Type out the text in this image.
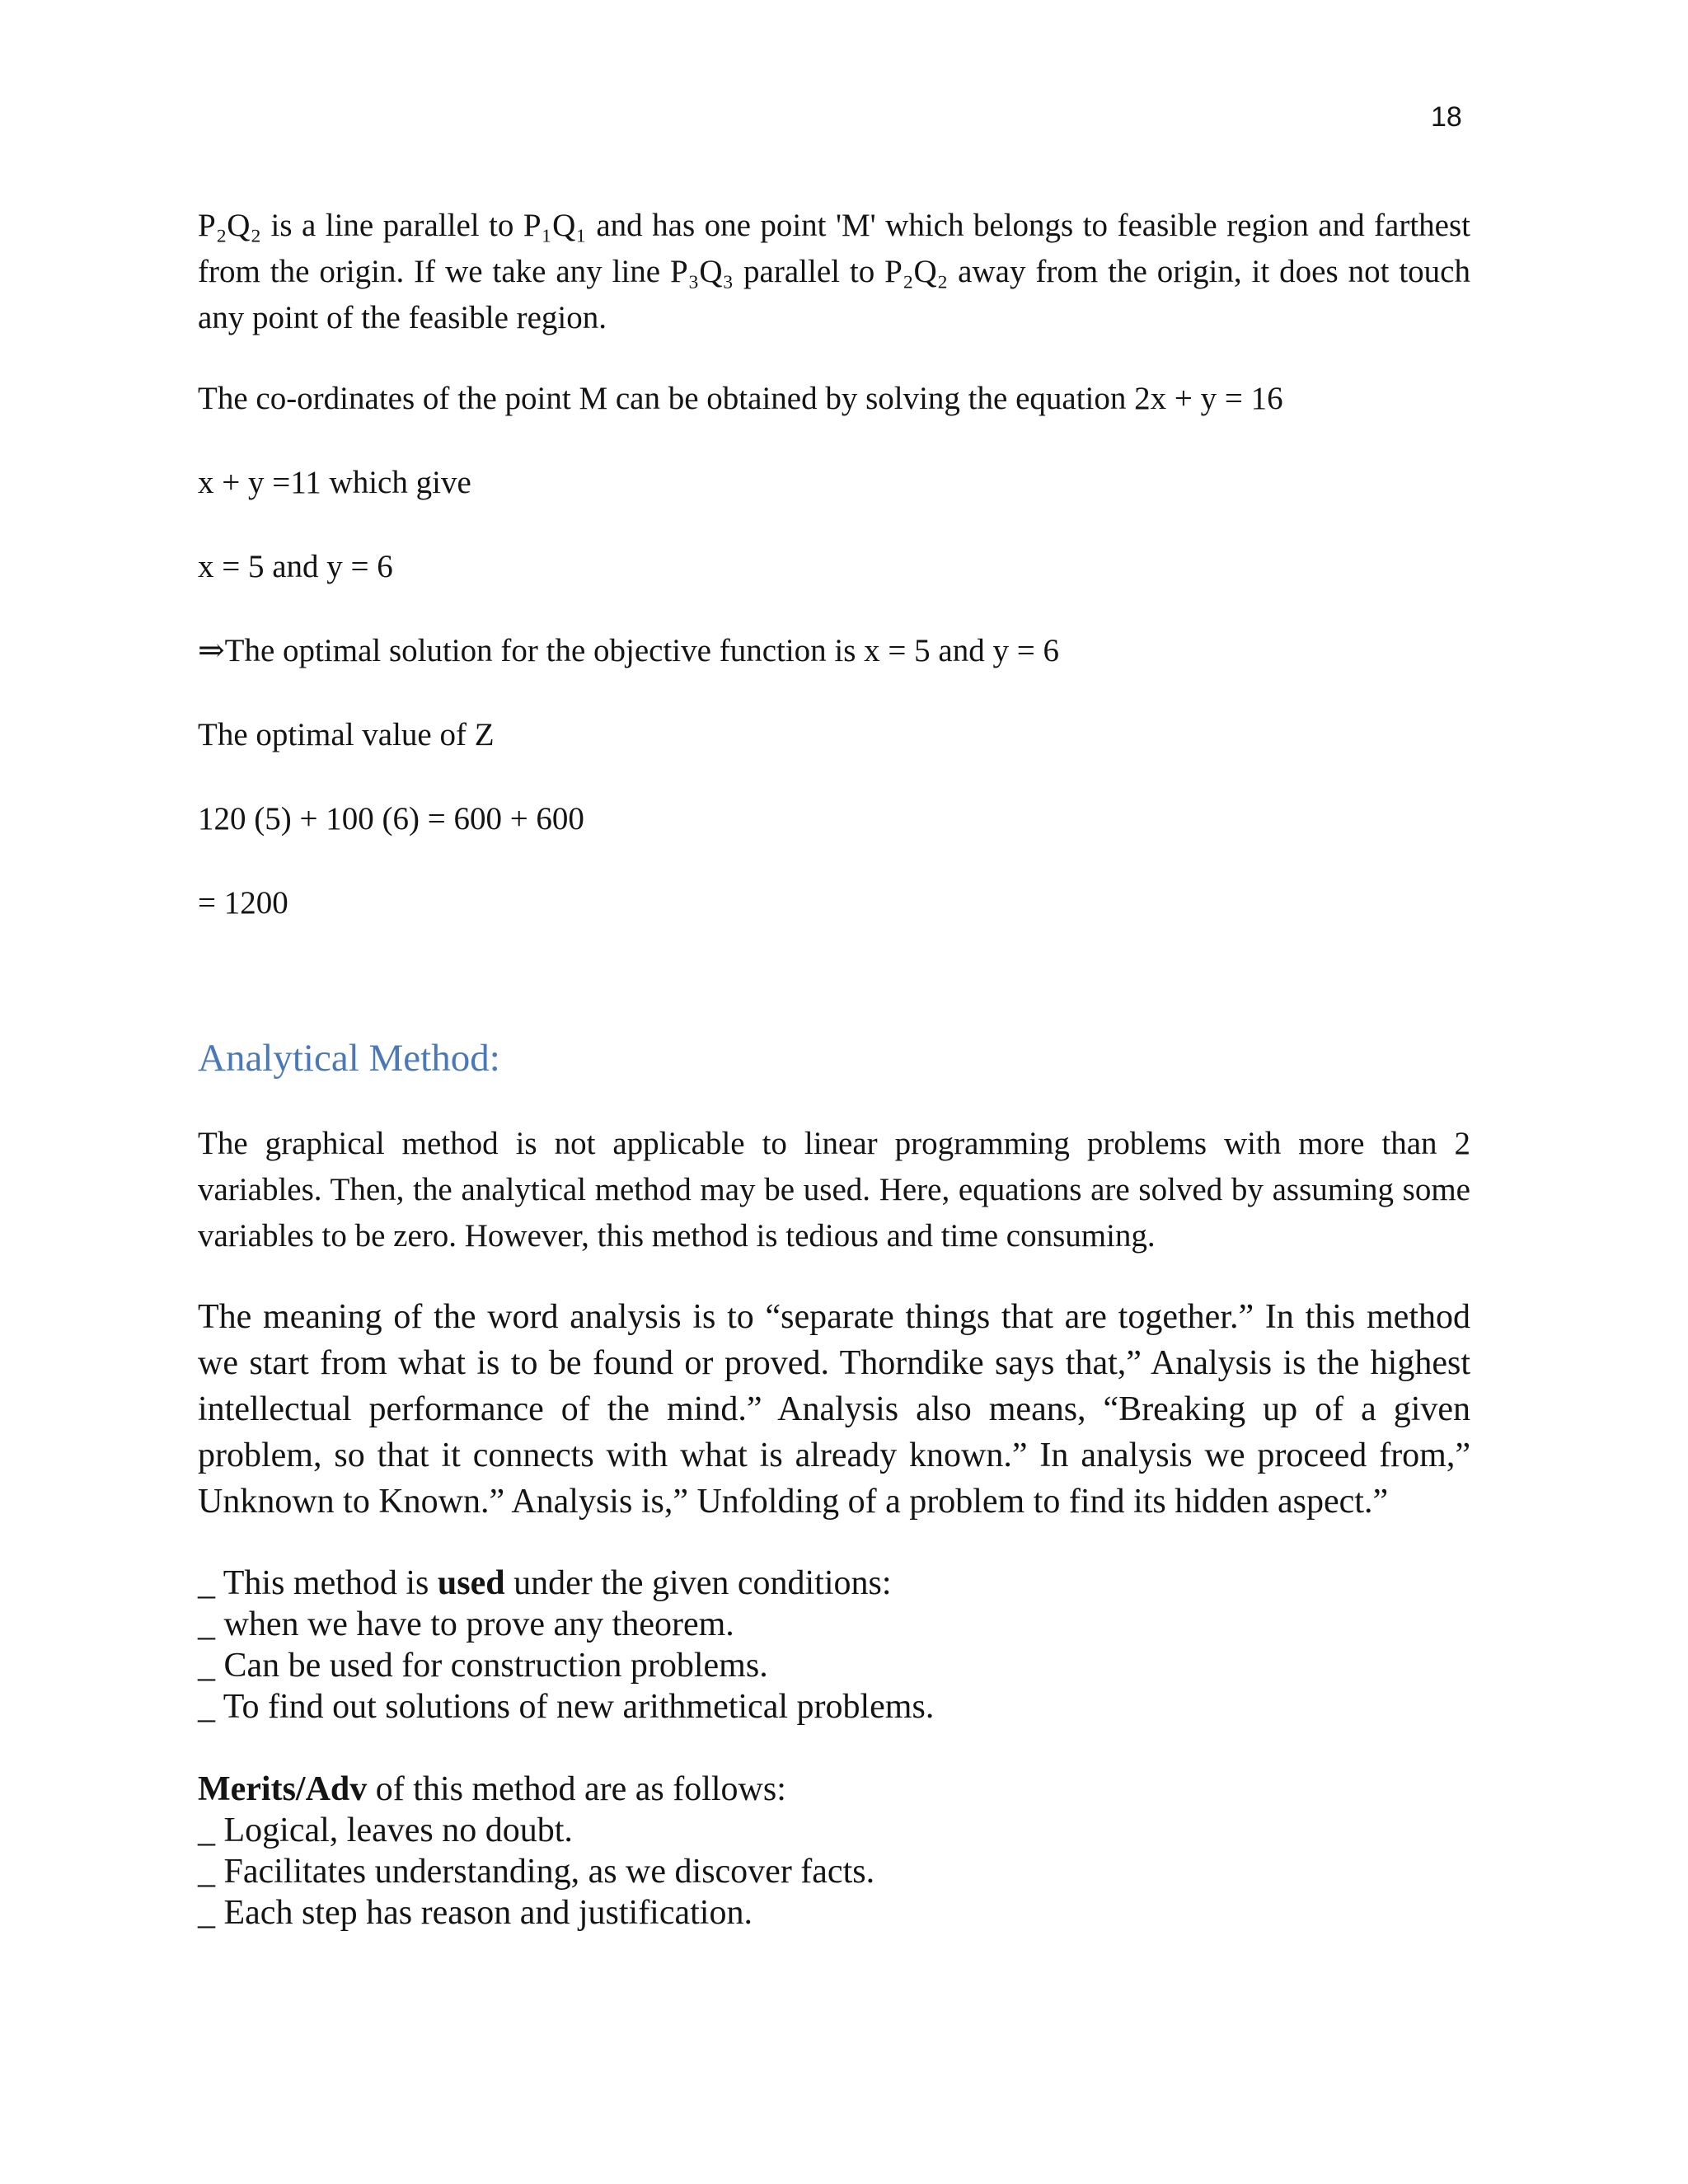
18

P₂Q₂ is a line parallel to P₁Q₁ and has one point 'M' which belongs to feasible region and farthest from the origin. If we take any line P₃Q₃ parallel to P₂Q₂ away from the origin, it does not touch any point of the feasible region.

The co-ordinates of the point M can be obtained by solving the equation 2x + y = 16

x + y =11 which give

x = 5 and y = 6

⇒The optimal solution for the objective function is x = 5 and y = 6

The optimal value of Z

120 (5) + 100 (6) = 600 + 600

= 1200

Analytical Method:

The graphical method is not applicable to linear programming problems with more than 2 variables. Then, the analytical method may be used. Here, equations are solved by assuming some variables to be zero. However, this method is tedious and time consuming.

The meaning of the word analysis is to “separate things that are together.” In this method we start from what is to be found or proved. Thorndike says that,” Analysis is the highest intellectual performance of the mind.” Analysis also means, “Breaking up of a given problem, so that it connects with what is already known.” In analysis we proceed from,” Unknown to Known.” Analysis is,” Unfolding of a problem to find its hidden aspect.”

_ This method is used under the given conditions:
_ when we have to prove any theorem.
_ Can be used for construction problems.
_ To find out solutions of new arithmetical problems.
Merits/Adv of this method are as follows:
_ Logical, leaves no doubt.
_ Facilitates understanding, as we discover facts.
_ Each step has reason and justification.
